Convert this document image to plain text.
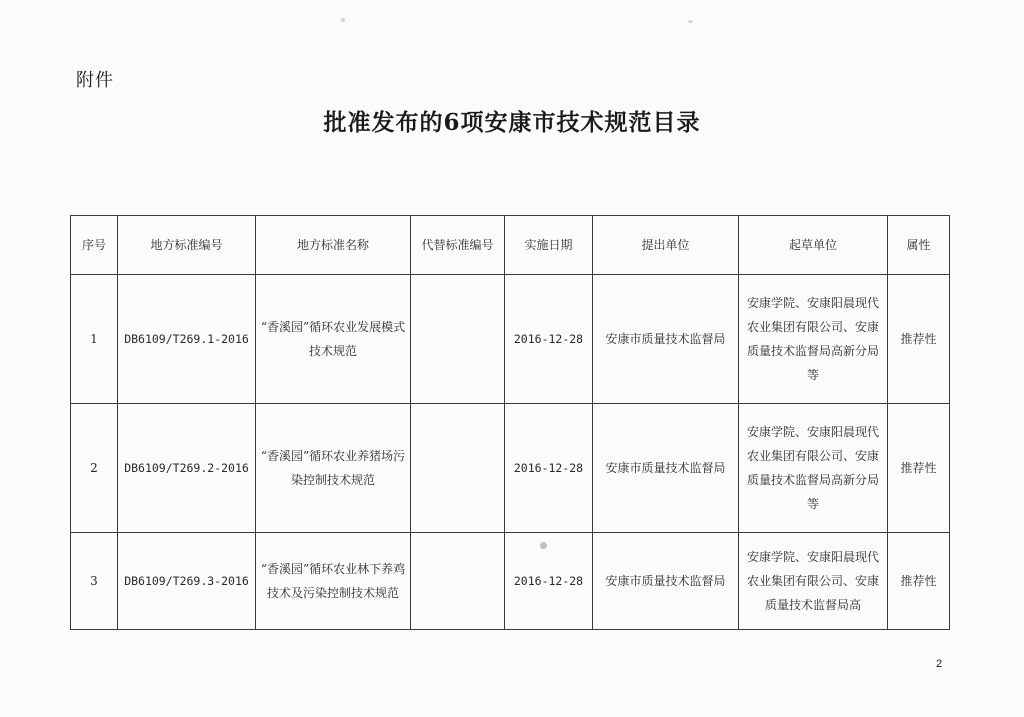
附件
批准发布的6项安康市技术规范目录
序号	地方标准编号	地方标准名称	代替标准编号	实施日期	提出单位	起草单位	属性
1	DB6109/T269.1-2016	“香溪园”循环农业发展模式技术规范		2016-12-28	安康市质量技术监督局	安康学院、安康阳晨现代农业集团有限公司、安康质量技术监督局高新分局等	推荐性
2	DB6109/T269.2-2016	“香溪园”循环农业养猪场污染控制技术规范		2016-12-28	安康市质量技术监督局	安康学院、安康阳晨现代农业集团有限公司、安康质量技术监督局高新分局等	推荐性
3	DB6109/T269.3-2016	“香溪园”循环农业林下养鸡技术及污染控制技术规范		2016-12-28	安康市质量技术监督局	安康学院、安康阳晨现代农业集团有限公司、安康质量技术监督局高	推荐性
2
